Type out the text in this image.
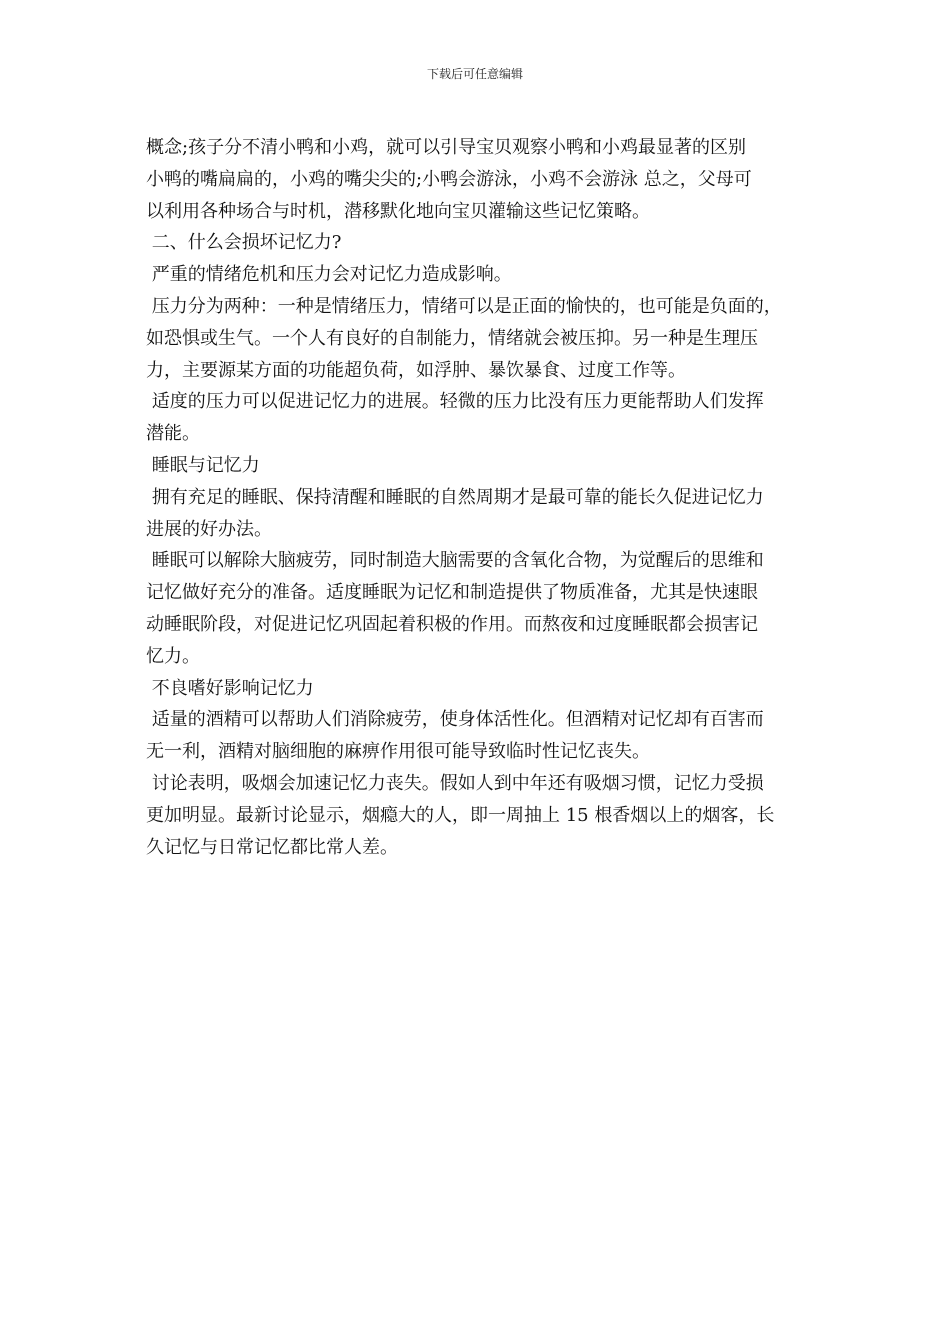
下载后可任意编辑

概念;孩子分不清小鸭和小鸡，就可以引导宝贝观察小鸭和小鸡最显著的区别

小鸭的嘴扁扁的，小鸡的嘴尖尖的;小鸭会游泳，小鸡不会游泳 总之，父母可

以利用各种场合与时机，潜移默化地向宝贝灌输这些记忆策略。

二、什么会损坏记忆力?

严重的情绪危机和压力会对记忆力造成影响。

压力分为两种：一种是情绪压力，情绪可以是正面的愉快的，也可能是负面的，

如恐惧或生气。一个人有良好的自制能力，情绪就会被压抑。另一种是生理压

力，主要源某方面的功能超负荷，如浮肿、暴饮暴食、过度工作等。

适度的压力可以促进记忆力的进展。轻微的压力比没有压力更能帮助人们发挥

潜能。

睡眠与记忆力

拥有充足的睡眠、保持清醒和睡眠的自然周期才是最可靠的能长久促进记忆力

进展的好办法。

睡眠可以解除大脑疲劳，同时制造大脑需要的含氧化合物，为觉醒后的思维和

记忆做好充分的准备。适度睡眠为记忆和制造提供了物质准备，尤其是快速眼

动睡眠阶段，对促进记忆巩固起着积极的作用。而熬夜和过度睡眠都会损害记

忆力。

不良嗜好影响记忆力

适量的酒精可以帮助人们消除疲劳，使身体活性化。但酒精对记忆却有百害而

无一利，酒精对脑细胞的麻痹作用很可能导致临时性记忆丧失。

讨论表明，吸烟会加速记忆力丧失。假如人到中年还有吸烟习惯，记忆力受损

更加明显。最新讨论显示，烟瘾大的人，即一周抽上 15 根香烟以上的烟客，长

久记忆与日常记忆都比常人差。
